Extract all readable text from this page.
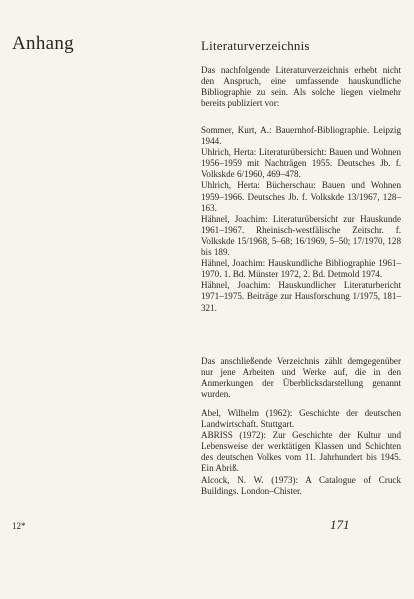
Anhang	Literaturverzeichnis

Das nachfolgende Literaturverzeichnis erhebt nicht den Anspruch, eine umfassende hauskundliche Bibliographie zu sein. Als solche liegen vielmehr bereits publiziert vor:

Sommer, Kurt, A.: Bauernhof-Bibliographie. Leipzig 1944.

Uhlrich, Herta: Literaturübersicht: Bauen und Wohnen 1956–1959 mit Nachträgen 1955. Deutsches Jb. f. Volkskde 6/1960, 469–478.

Uhlrich, Herta: Bücherschau: Bauen und Wohnen 1959–1966. Deutsches Jb. f. Volkskde 13/1967, 128–163.

Hähnel, Joachim: Literaturübersicht zur Hauskunde 1961–1967. Rheinisch-westfälische Zeitschr. f. Volkskde 15/1968, 5–68; 16/1969, 5–50; 17/1970, 128 bis 189.

Hähnel, Joachim: Hauskundliche Bibliographie 1961–1970. 1. Bd. Münster 1972, 2. Bd. Detmold 1974.

Hähnel, Joachim: Hauskundlicher Literaturbericht 1971–1975. Beiträge zur Hausforschung 1/1975, 181–321.

Das anschließende Verzeichnis zählt demgegenüber nur jene Arbeiten und Werke auf, die in den Anmerkungen der Überblicksdarstellung genannt wurden.

Abel, Wilhelm (1962): Geschichte der deutschen Landwirtschaft. Stuttgart.

ABRISS (1972): Zur Geschichte der Kultur und Lebensweise der werktätigen Klassen und Schichten des deutschen Volkes vom 11. Jahrhundert bis 1945. Ein Abriß.

Alcock, N. W. (1973): A Catalogue of Cruck Buildings. London–Chister.

12*	171
